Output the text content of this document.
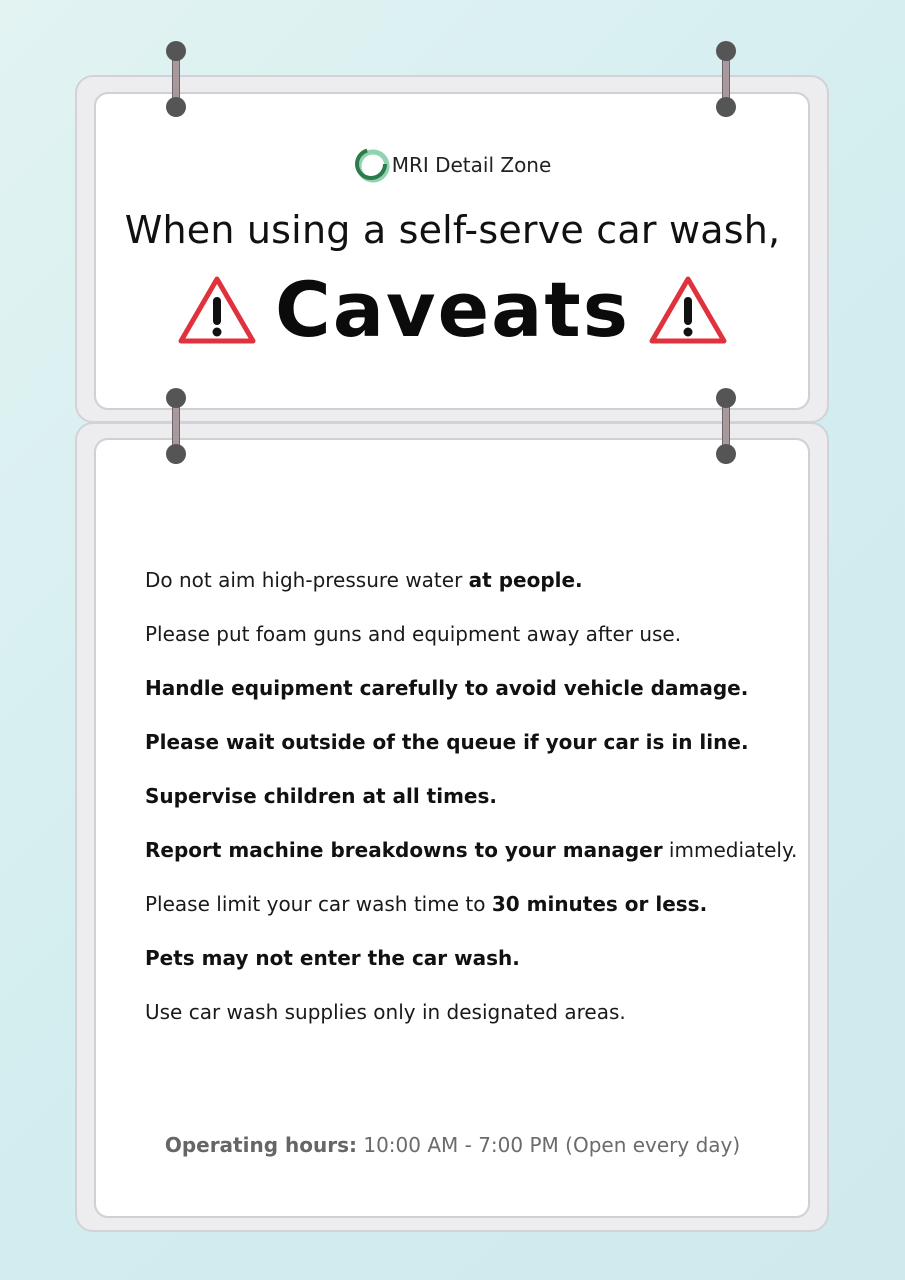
MRI Detail Zone
When using a self-serve car wash,
Caveats
Do not aim high-pressure water at people.
Please put foam guns and equipment away after use.
Handle equipment carefully to avoid vehicle damage.
Please wait outside of the queue if your car is in line.
Supervise children at all times.
Report machine breakdowns to your manager immediately.
Please limit your car wash time to 30 minutes or less.
Pets may not enter the car wash.
Use car wash supplies only in designated areas.
Operating hours: 10:00 AM - 7:00 PM (Open every day)
